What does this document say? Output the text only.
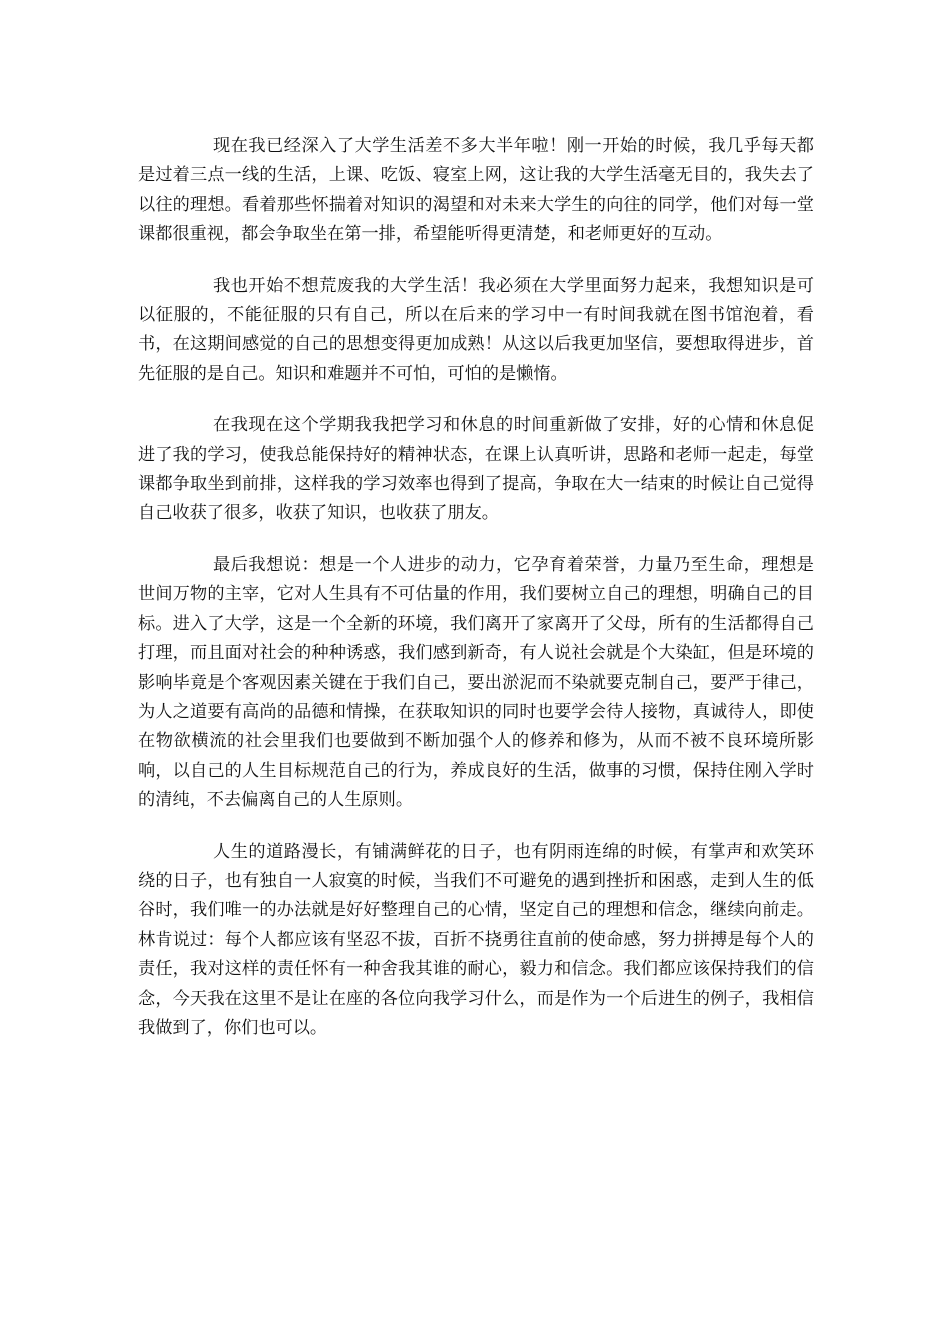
现在我已经深入了大学生活差不多大半年啦！刚一开始的时候，我几乎每天都是过着三点一线的生活，上课、吃饭、寝室上网，这让我的大学生活毫无目的，我失去了以往的理想。看着那些怀揣着对知识的渴望和对未来大学生的向往的同学，他们对每一堂课都很重视，都会争取坐在第一排，希望能听得更清楚，和老师更好的互动。

我也开始不想荒废我的大学生活！我必须在大学里面努力起来，我想知识是可以征服的，不能征服的只有自己，所以在后来的学习中一有时间我就在图书馆泡着，看书，在这期间感觉的自己的思想变得更加成熟！从这以后我更加坚信，要想取得进步，首先征服的是自己。知识和难题并不可怕，可怕的是懒惰。

在我现在这个学期我我把学习和休息的时间重新做了安排，好的心情和休息促进了我的学习，使我总能保持好的精神状态，在课上认真听讲，思路和老师一起走，每堂课都争取坐到前排，这样我的学习效率也得到了提高，争取在大一结束的时候让自己觉得自己收获了很多，收获了知识，也收获了朋友。

最后我想说：想是一个人进步的动力，它孕育着荣誉，力量乃至生命，理想是世间万物的主宰，它对人生具有不可估量的作用，我们要树立自己的理想，明确自己的目标。进入了大学，这是一个全新的环境，我们离开了家离开了父母，所有的生活都得自己打理，而且面对社会的种种诱惑，我们感到新奇，有人说社会就是个大染缸，但是环境的影响毕竟是个客观因素关键在于我们自己，要出淤泥而不染就要克制自己，要严于律己，为人之道要有高尚的品德和情操，在获取知识的同时也要学会待人接物，真诚待人，即使在物欲横流的社会里我们也要做到不断加强个人的修养和修为，从而不被不良环境所影响，以自己的人生目标规范自己的行为，养成良好的生活，做事的习惯，保持住刚入学时的清纯，不去偏离自己的人生原则。

人生的道路漫长，有铺满鲜花的日子，也有阴雨连绵的时候，有掌声和欢笑环绕的日子，也有独自一人寂寞的时候，当我们不可避免的遇到挫折和困惑，走到人生的低谷时，我们唯一的办法就是好好整理自己的心情，坚定自己的理想和信念，继续向前走。林肯说过：每个人都应该有坚忍不拔，百折不挠勇往直前的使命感，努力拼搏是每个人的责任，我对这样的责任怀有一种舍我其谁的耐心，毅力和信念。我们都应该保持我们的信念，今天我在这里不是让在座的各位向我学习什么，而是作为一个后进生的例子，我相信我做到了，你们也可以。
